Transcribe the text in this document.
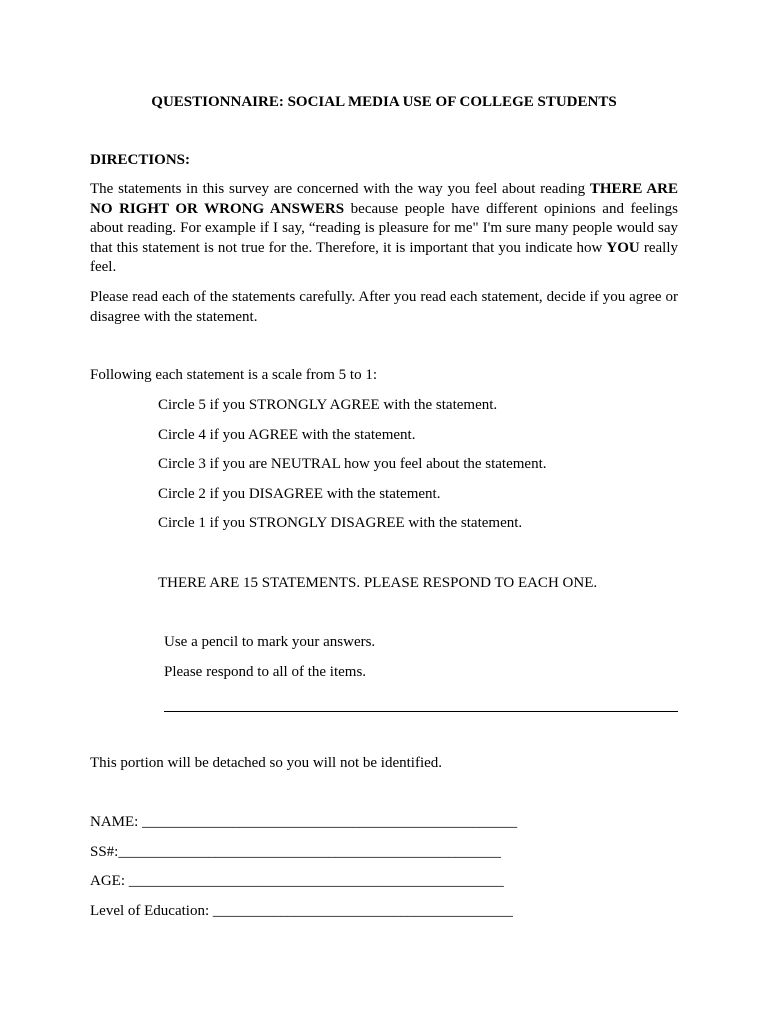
QUESTIONNAIRE: SOCIAL MEDIA USE OF COLLEGE STUDENTS
DIRECTIONS:
The statements in this survey are concerned with the way you feel about reading THERE ARE NO RIGHT OR WRONG ANSWERS because people have different opinions and feelings about reading. For example if I say, “reading is pleasure for me" I'm sure many people would say that this statement is not true for the. Therefore, it is important that you indicate how YOU really feel.
Please read each of the statements carefully. After you read each statement, decide if you agree or disagree with the statement.
Following each statement is a scale from 5 to 1:
Circle 5 if you STRONGLY AGREE with the statement.
Circle 4 if you AGREE with the statement.
Circle 3 if you are NEUTRAL how you feel about the statement.
Circle 2 if you DISAGREE with the statement.
Circle 1 if you STRONGLY DISAGREE with the statement.
THERE ARE 15 STATEMENTS. PLEASE RESPOND TO EACH ONE.
Use a pencil to mark your answers.
Please respond to all of the items.
This portion will be detached so you will not be identified.
NAME: __________________________________________________
SS#:___________________________________________________
AGE: __________________________________________________
Level of Education: ________________________________________
